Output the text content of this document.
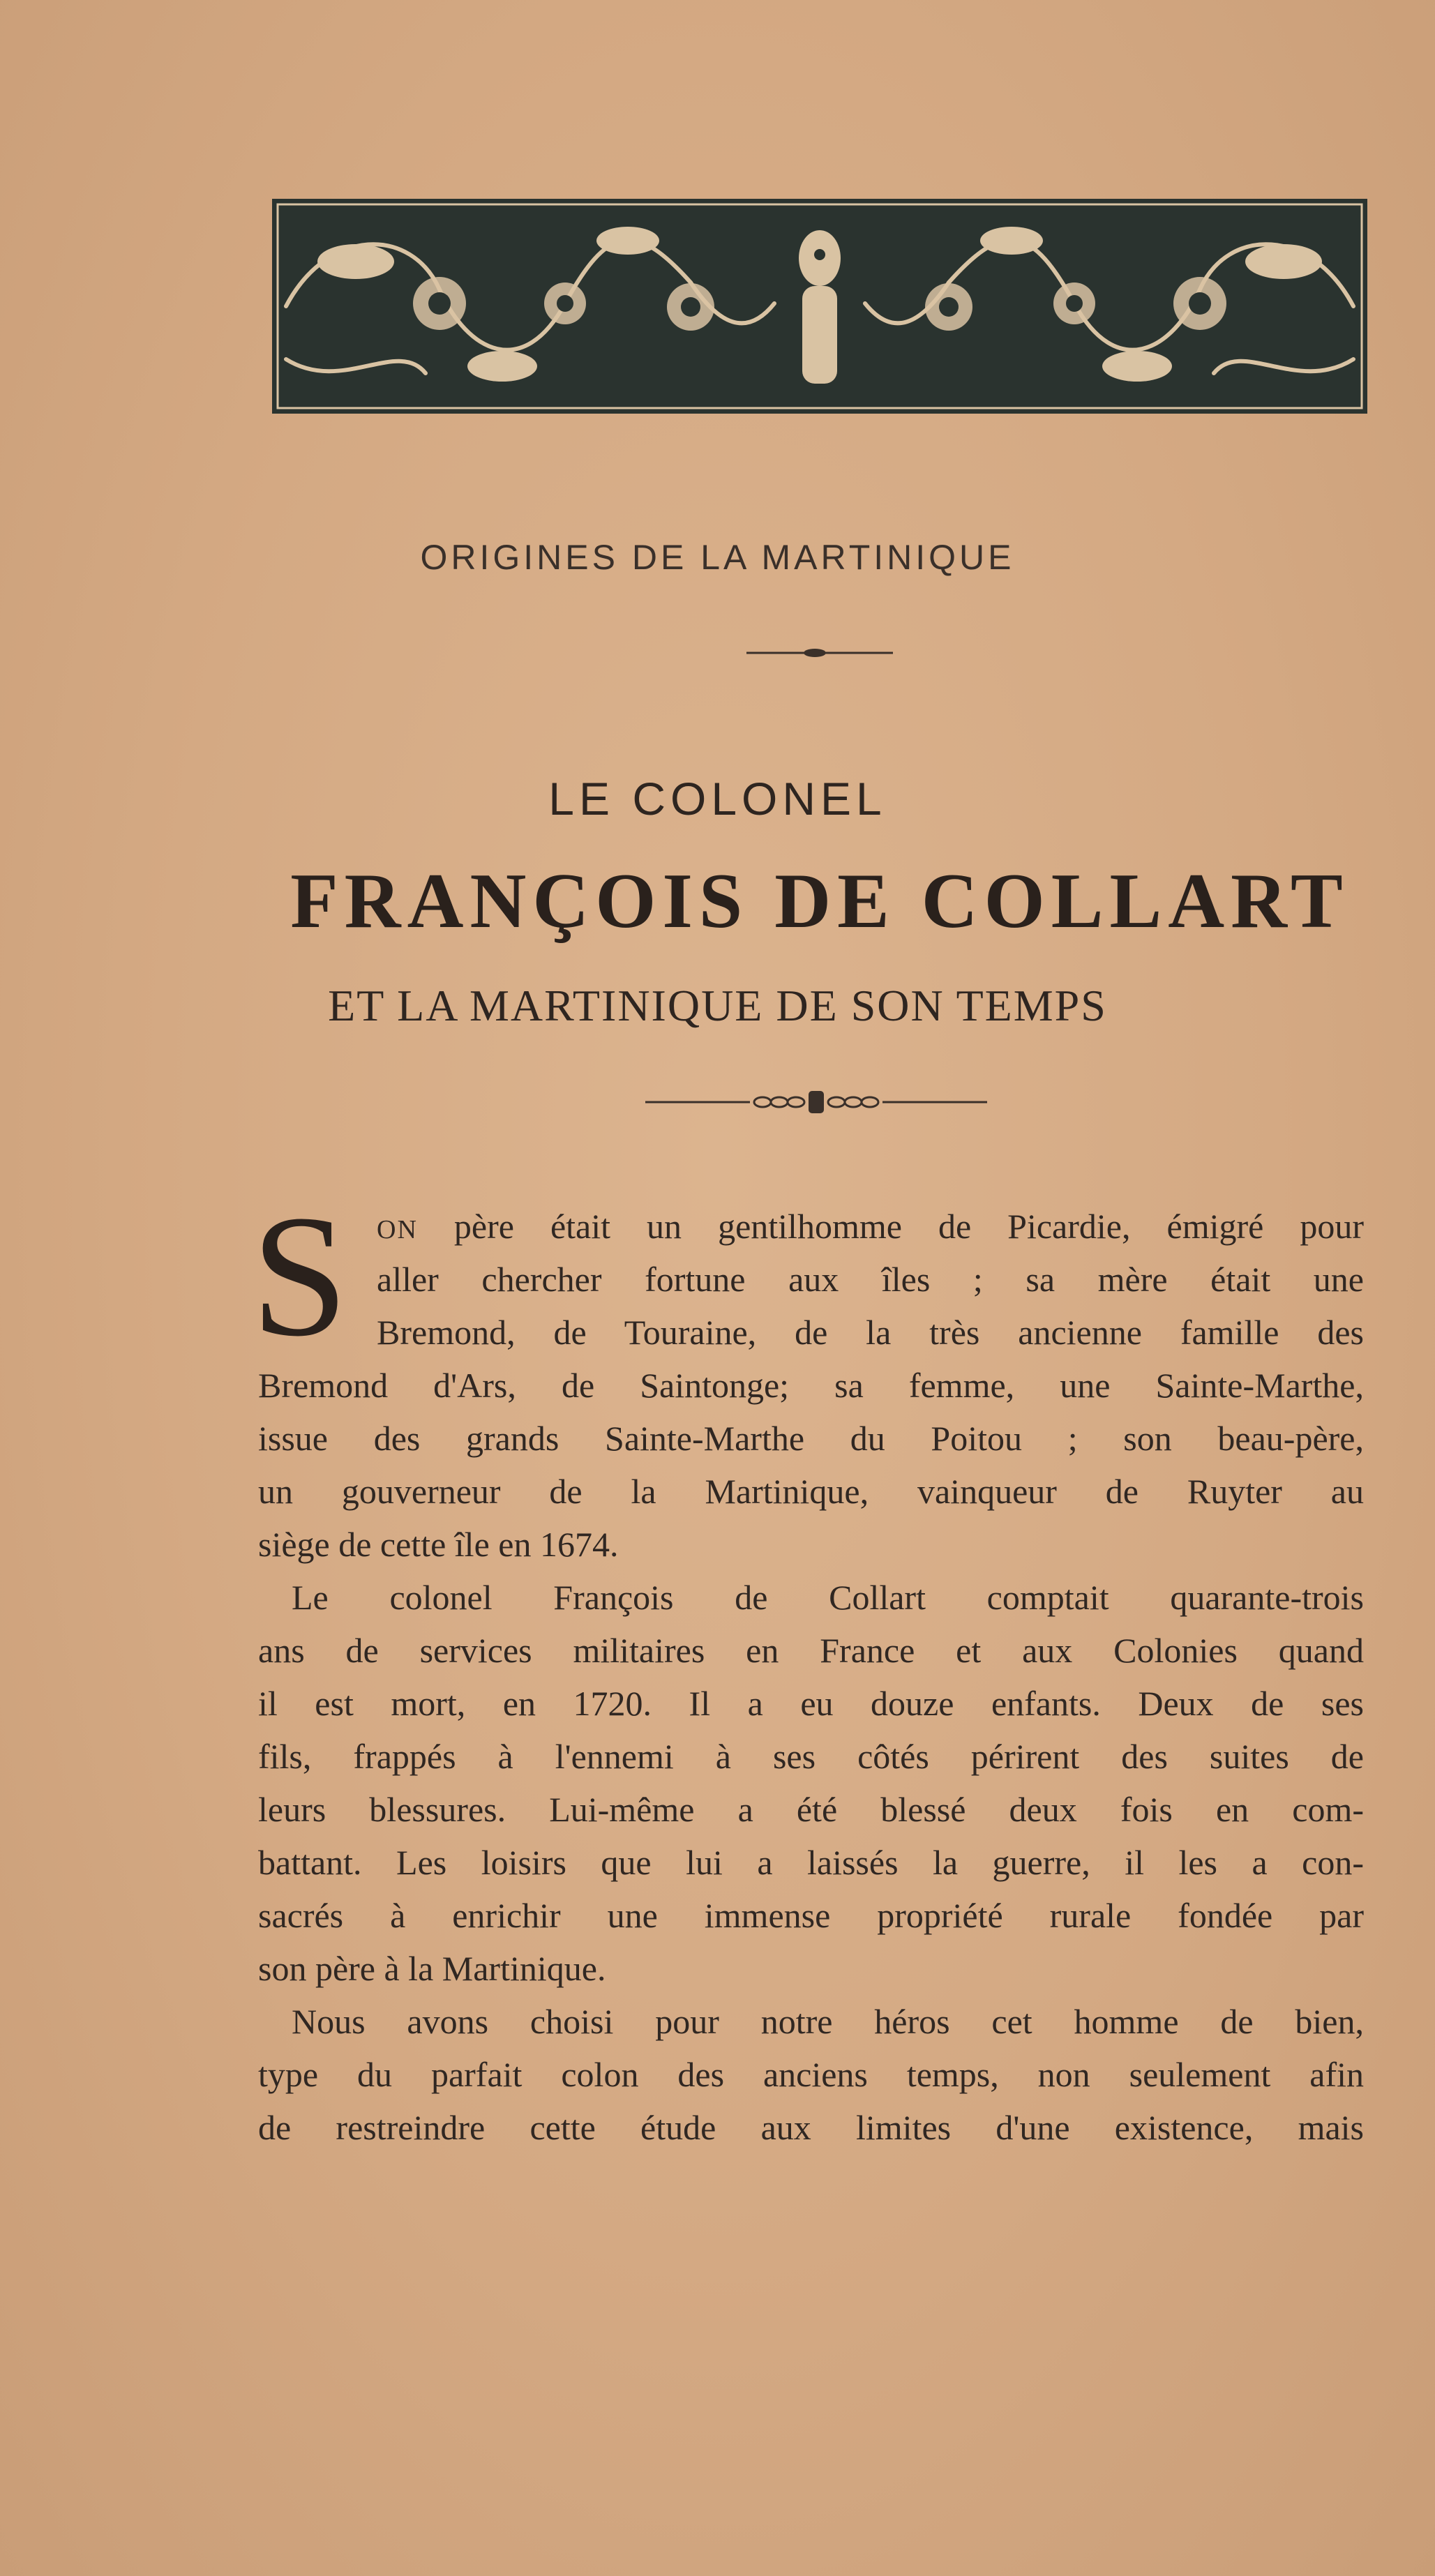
ORIGINES DE LA MARTINIQUE
LE COLONEL
FRANÇOIS DE COLLART
ET LA MARTINIQUE DE SON TEMPS
S ON père était un gentilhomme de Picardie, émigré pour
aller chercher fortune aux îles ; sa mère était une
Bremond, de Touraine, de la très ancienne famille des
Bremond d'Ars, de Saintonge; sa femme, une Sainte-Marthe,
issue des grands Sainte-Marthe du Poitou ; son beau-père,
un gouverneur de la Martinique, vainqueur de Ruyter au
siège de cette île en 1674.
Le colonel François de Collart comptait quarante-trois
ans de services militaires en France et aux Colonies quand
il est mort, en 1720. Il a eu douze enfants. Deux de ses
fils, frappés à l'ennemi à ses côtés périrent des suites de
leurs blessures. Lui-même a été blessé deux fois en com-
battant. Les loisirs que lui a laissés la guerre, il les a con-
sacrés à enrichir une immense propriété rurale fondée par
son père à la Martinique.
Nous avons choisi pour notre héros cet homme de bien,
type du parfait colon des anciens temps, non seulement afin
de restreindre cette étude aux limites d'une existence, mais
